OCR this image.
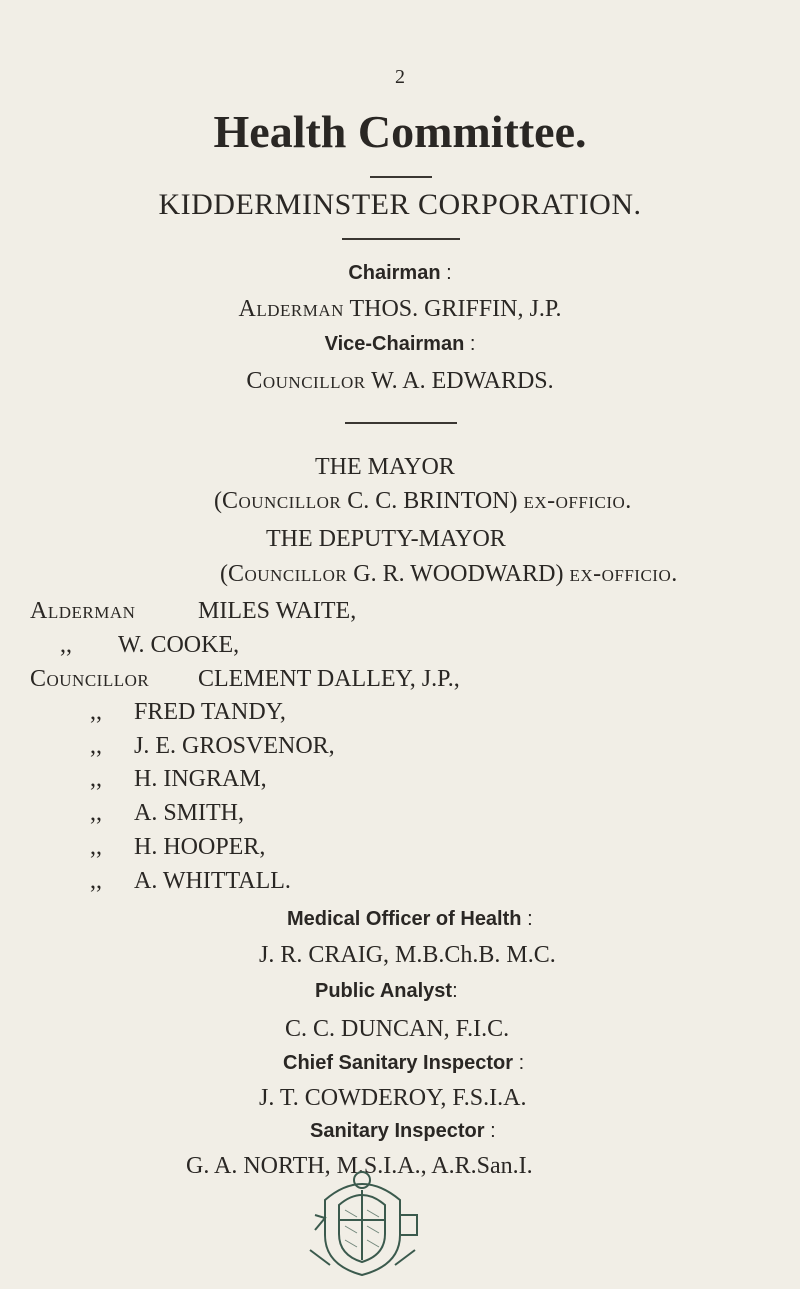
2
Health Committee.
KIDDERMINSTER CORPORATION.
Chairman :
Alderman THOS. GRIFFIN, J.P.
Vice-Chairman :
Councillor W. A. EDWARDS.
THE MAYOR
(Councillor C. C. BRINTON) ex-officio.
THE DEPUTY-MAYOR
(Councillor G. R. WOODWARD) ex-officio.
Alderman	MILES WAITE,
,, W. COOKE,
Councillor CLEMENT DALLEY, J.P.,
,, FRED TANDY,
,, J. E. GROSVENOR,
,, H. INGRAM,
,, A. SMITH,
,, H. HOOPER,
,, A. WHITTALL.
Medical Officer of Health :
J. R. CRAIG, M.B.Ch.B. M.C.
Public Analyst:
C. C. DUNCAN, F.I.C.
Chief Sanitary Inspector :
J. T. COWDEROY, F.S.I.A.
Sanitary Inspector :
G. A. NORTH, M.S.I.A., A.R.San.I.
